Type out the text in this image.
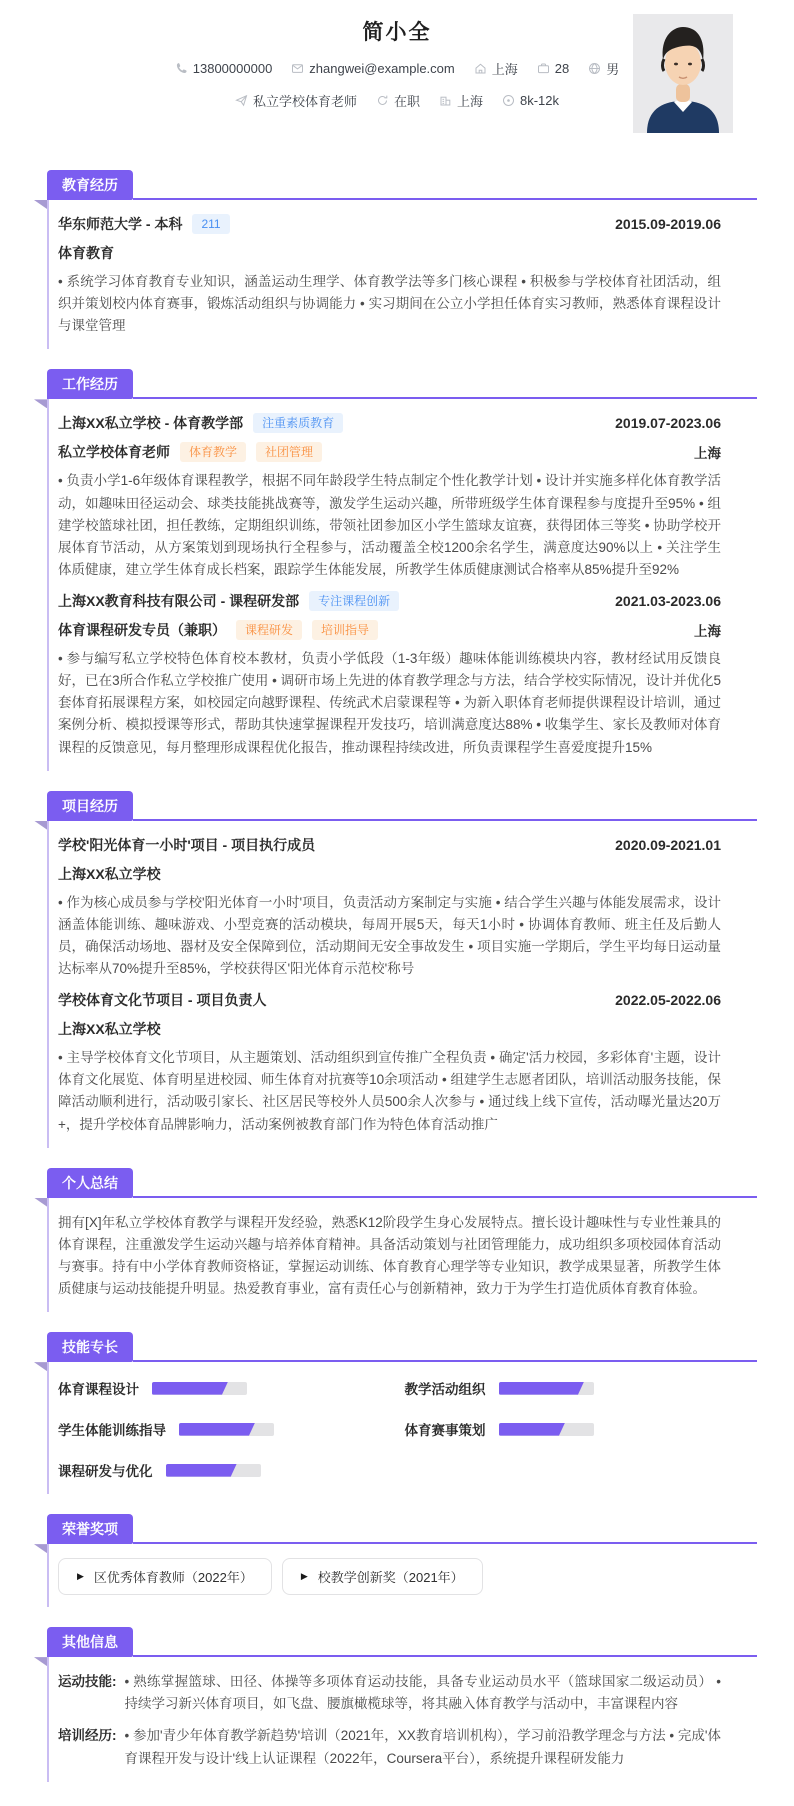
简小全
13800000000	zhangwei@example.com	上海	28	男
私立学校体育老师	在职	上海	8k-12k
教育经历
华东师范大学 - 本科	211	2015.09-2019.06
体育教育

• 系统学习体育教育专业知识，涵盖运动生理学、体育教学法等多门核心课程 • 积极参与学校体育社团活动，组织并策划校内体育赛事，锻炼活动组织与协调能力 • 实习期间在公立小学担任体育实习教师，熟悉体育课程设计与课堂管理

工作经历
上海XX私立学校 - 体育教学部	注重素质教育	2019.07-2023.06
私立学校体育老师	体育教学	社团管理	上海

• 负责小学1-6年级体育课程教学，根据不同年龄段学生特点制定个性化教学计划 • 设计并实施多样化体育教学活动，如趣味田径运动会、球类技能挑战赛等，激发学生运动兴趣，所带班级学生体育课程参与度提升至95% • 组建学校篮球社团，担任教练，定期组织训练，带领社团参加区小学生篮球友谊赛，获得团体三等奖 • 协助学校开展体育节活动，从方案策划到现场执行全程参与，活动覆盖全校1200余名学生，满意度达90%以上 • 关注学生体质健康，建立学生体育成长档案，跟踪学生体能发展，所教学生体质健康测试合格率从85%提升至92%

上海XX教育科技有限公司 - 课程研发部	专注课程创新	2021.03-2023.06
体育课程研发专员（兼职）	课程研发	培训指导	上海

• 参与编写私立学校特色体育校本教材，负责小学低段（1-3年级）趣味体能训练模块内容，教材经试用反馈良好，已在3所合作私立学校推广使用 • 调研市场上先进的体育教学理念与方法，结合学校实际情况，设计并优化5套体育拓展课程方案，如校园定向越野课程、传统武术启蒙课程等 • 为新入职体育老师提供课程设计培训，通过案例分析、模拟授课等形式，帮助其快速掌握课程开发技巧，培训满意度达88% • 收集学生、家长及教师对体育课程的反馈意见，每月整理形成课程优化报告，推动课程持续改进，所负责课程学生喜爱度提升15%

项目经历
学校'阳光体育一小时'项目 - 项目执行成员	2020.09-2021.01
上海XX私立学校

• 作为核心成员参与学校'阳光体育一小时'项目，负责活动方案制定与实施 • 结合学生兴趣与体能发展需求，设计涵盖体能训练、趣味游戏、小型竞赛的活动模块，每周开展5天，每天1小时 • 协调体育教师、班主任及后勤人员，确保活动场地、器材及安全保障到位，活动期间无安全事故发生 • 项目实施一学期后，学生平均每日运动量达标率从70%提升至85%，学校获得区'阳光体育示范校'称号

学校体育文化节项目 - 项目负责人	2022.05-2022.06
上海XX私立学校

• 主导学校体育文化节项目，从主题策划、活动组织到宣传推广全程负责 • 确定'活力校园，多彩体育'主题，设计体育文化展览、体育明星进校园、师生体育对抗赛等10余项活动 • 组建学生志愿者团队，培训活动服务技能，保障活动顺利进行，活动吸引家长、社区居民等校外人员500余人次参与 • 通过线上线下宣传，活动曝光量达20万+，提升学校体育品牌影响力，活动案例被教育部门作为特色体育活动推广

个人总结

拥有[X]年私立学校体育教学与课程开发经验，熟悉K12阶段学生身心发展特点。擅长设计趣味性与专业性兼具的体育课程，注重激发学生运动兴趣与培养体育精神。具备活动策划与社团管理能力，成功组织多项校园体育活动与赛事。持有中小学体育教师资格证，掌握运动训练、体育教育心理学等专业知识，教学成果显著，所教学生体质健康与运动技能提升明显。热爱教育事业，富有责任心与创新精神，致力于为学生打造优质体育教育体验。

技能专长
体育课程设计	教学活动组织
学生体能训练指导	体育赛事策划
课程研发与优化
荣誉奖项
▶ 区优秀体育教师（2022年）	▶ 校教学创新奖（2021年）
其他信息
运动技能: • 熟练掌握篮球、田径、体操等多项体育运动技能，具备专业运动员水平（篮球国家二级运动员） • 持续学习新兴体育项目，如飞盘、腰旗橄榄球等，将其融入体育教学与活动中，丰富课程内容
培训经历: • 参加'青少年体育教学新趋势'培训（2021年，XX教育培训机构），学习前沿教学理念与方法 • 完成'体育课程开发与设计'线上认证课程（2022年，Coursera平台），系统提升课程研发能力
